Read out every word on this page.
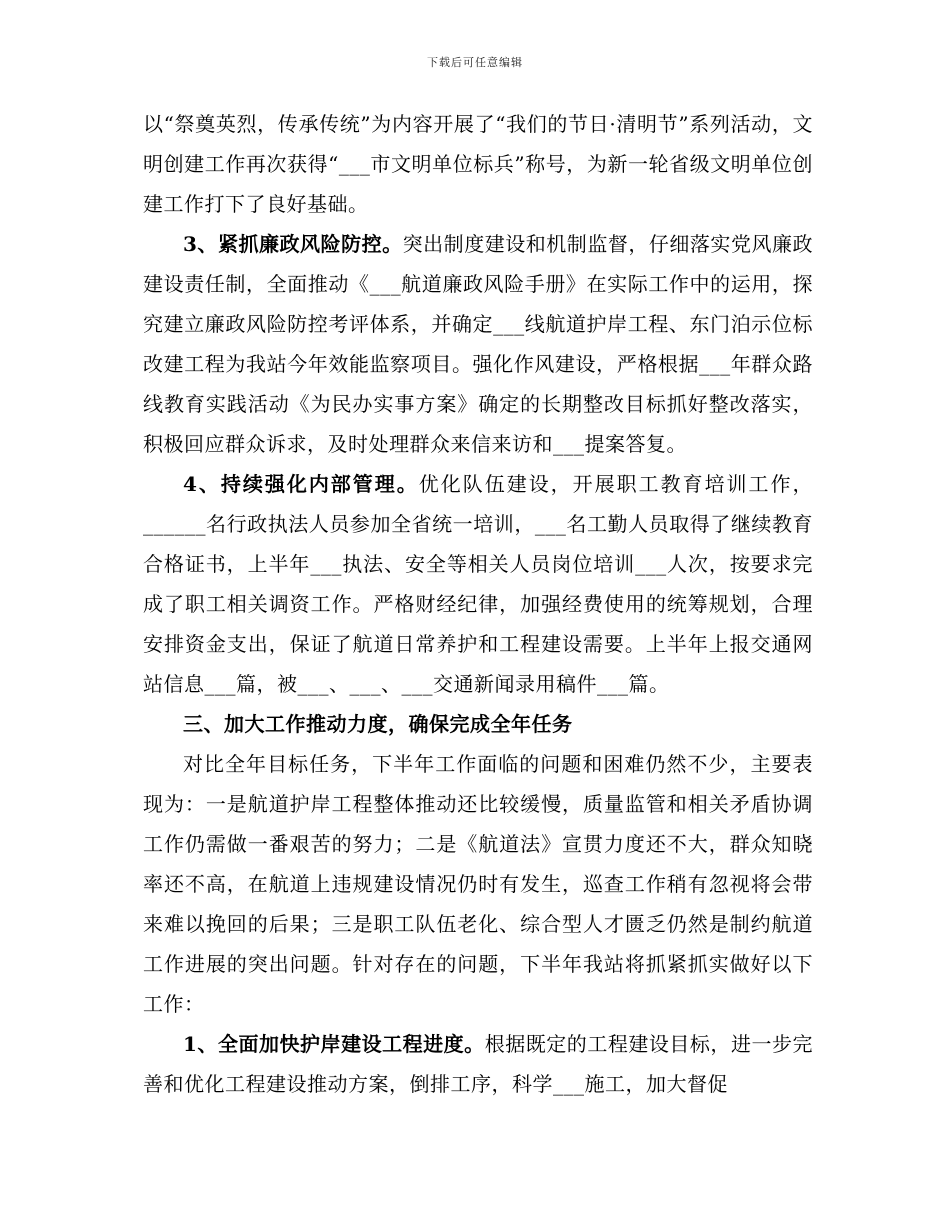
下载后可任意编辑

以“祭奠英烈，传承传统”为内容开展了“我们的节日·清明节”系列活动，文明创建工作再次获得“___市文明单位标兵”称号，为新一轮省级文明单位创建工作打下了良好基础。

3、紧抓廉政风险防控。突出制度建设和机制监督，仔细落实党风廉政建设责任制，全面推动《___航道廉政风险手册》在实际工作中的运用，探究建立廉政风险防控考评体系，并确定___线航道护岸工程、东门泊示位标改建工程为我站今年效能监察项目。强化作风建设，严格根据___年群众路线教育实践活动《为民办实事方案》确定的长期整改目标抓好整改落实，积极回应群众诉求，及时处理群众来信来访和___提案答复。

4、持续强化内部管理。优化队伍建设，开展职工教育培训工作，______名行政执法人员参加全省统一培训，___名工勤人员取得了继续教育合格证书，上半年___执法、安全等相关人员岗位培训___人次，按要求完成了职工相关调资工作。严格财经纪律，加强经费使用的统筹规划，合理安排资金支出，保证了航道日常养护和工程建设需要。上半年上报交通网站信息___篇，被___、___、___交通新闻录用稿件___篇。

三、加大工作推动力度，确保完成全年任务

对比全年目标任务，下半年工作面临的问题和困难仍然不少，主要表现为：一是航道护岸工程整体推动还比较缓慢，质量监管和相关矛盾协调工作仍需做一番艰苦的努力；二是《航道法》宣贯力度还不大，群众知晓率还不高，在航道上违规建设情况仍时有发生，巡查工作稍有忽视将会带来难以挽回的后果；三是职工队伍老化、综合型人才匮乏仍然是制约航道工作进展的突出问题。针对存在的问题，下半年我站将抓紧抓实做好以下工作：

1、全面加快护岸建设工程进度。根据既定的工程建设目标，进一步完善和优化工程建设推动方案，倒排工序，科学___施工，加大督促
